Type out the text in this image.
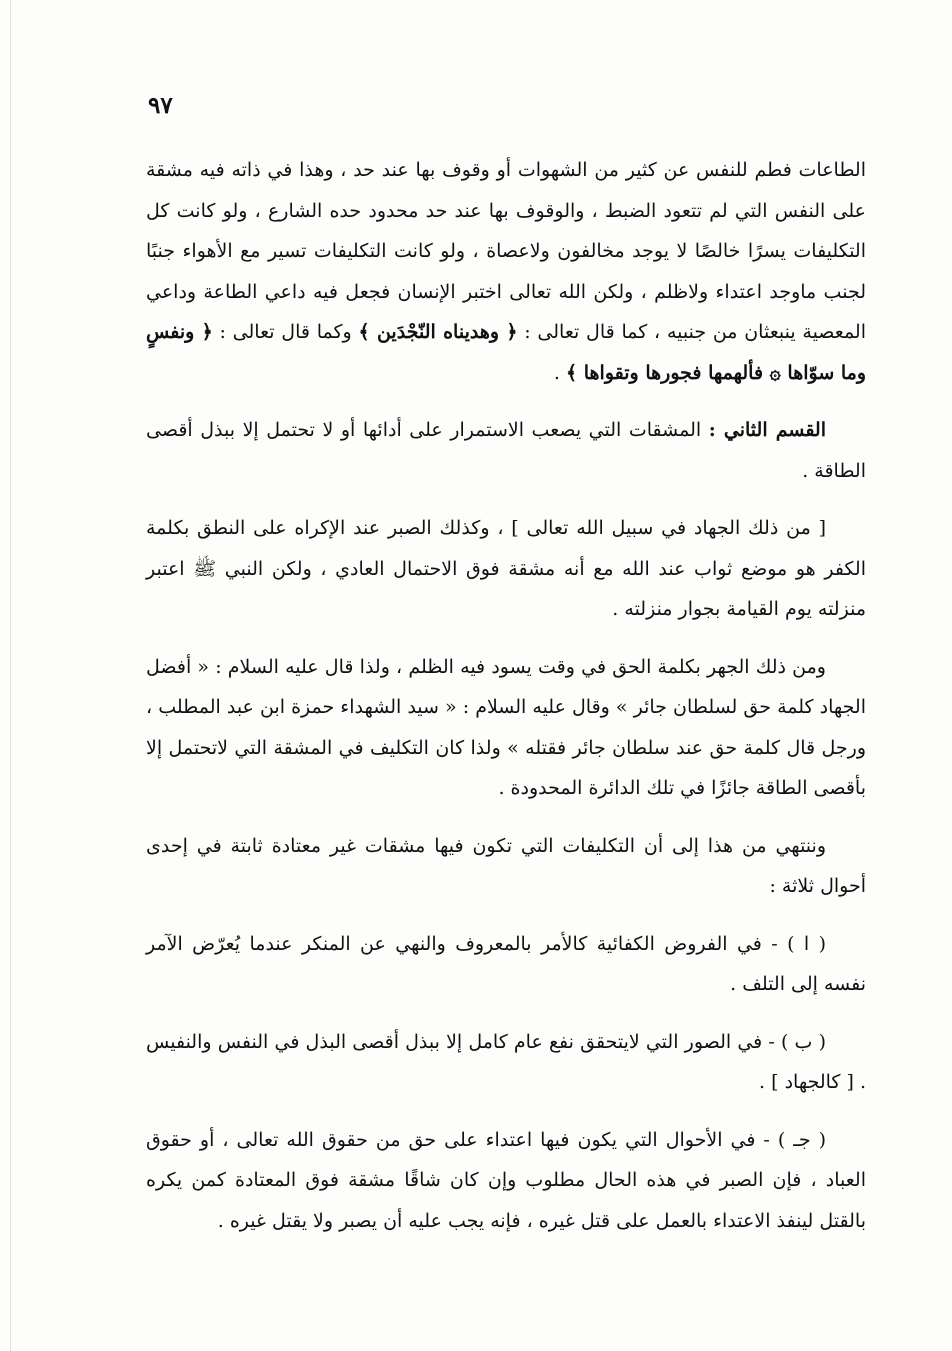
٩٧

الطاعات فطم للنفس عن كثير من الشهوات أو وقوف بها عند حد ، وهذا في ذاته فيه مشقة على النفس التي لم تتعود الضبط ، والوقوف بها عند حد محدود حده الشارع ، ولو كانت كل التكليفات يسرًا خالصًا لا يوجد مخالفون ولاعصاة ، ولو كانت التكليفات تسير مع الأهواء جنبًا لجنب ماوجد اعتداء ولاظلم ، ولكن الله تعالى اختبر الإنسان فجعل فيه داعي الطاعة وداعي المعصية ينبعثان من جنبيه ، كما قال تعالى : ﴿ وهديناه النّجْدَين ﴾ وكما قال تعالى : ﴿ ونفسٍ وما سوّاها ۞ فألهمها فجورها وتقواها ﴾ .

القسم الثاني : المشقات التي يصعب الاستمرار على أدائها أو لا تحتمل إلا ببذل أقصى الطاقة .

[ من ذلك الجهاد في سبيل الله تعالى ] ، وكذلك الصبر عند الإكراه على النطق بكلمة الكفر هو موضع ثواب عند الله مع أنه مشقة فوق الاحتمال العادي ، ولكن النبي ﷺ اعتبر منزلته يوم القيامة بجوار منزلته .

ومن ذلك الجهر بكلمة الحق في وقت يسود فيه الظلم ، ولذا قال عليه السلام : « أفضل الجهاد كلمة حق لسلطان جائر » وقال عليه السلام : « سيد الشهداء حمزة ابن عبد المطلب ، ورجل قال كلمة حق عند سلطان جائر فقتله » ولذا كان التكليف في المشقة التي لاتحتمل إلا بأقصى الطاقة جائزًا في تلك الدائرة المحدودة .

وننتهي من هذا إلى أن التكليفات التي تكون فيها مشقات غير معتادة ثابتة في إحدى أحوال ثلاثة :

( ا ) - في الفروض الكفائية كالأمر بالمعروف والنهي عن المنكر عندما يُعرّض الآمر نفسه إلى التلف .

( ب ) - في الصور التي لايتحقق نفع عام كامل إلا ببذل أقصى البذل في النفس والنفيس . [ كالجهاد ] .

( جـ ) - في الأحوال التي يكون فيها اعتداء على حق من حقوق الله تعالى ، أو حقوق العباد ، فإن الصبر في هذه الحال مطلوب وإن كان شاقًا مشقة فوق المعتادة كمن يكره بالقتل لينفذ الاعتداء بالعمل على قتل غيره ، فإنه يجب عليه أن يصبر ولا يقتل غيره .
